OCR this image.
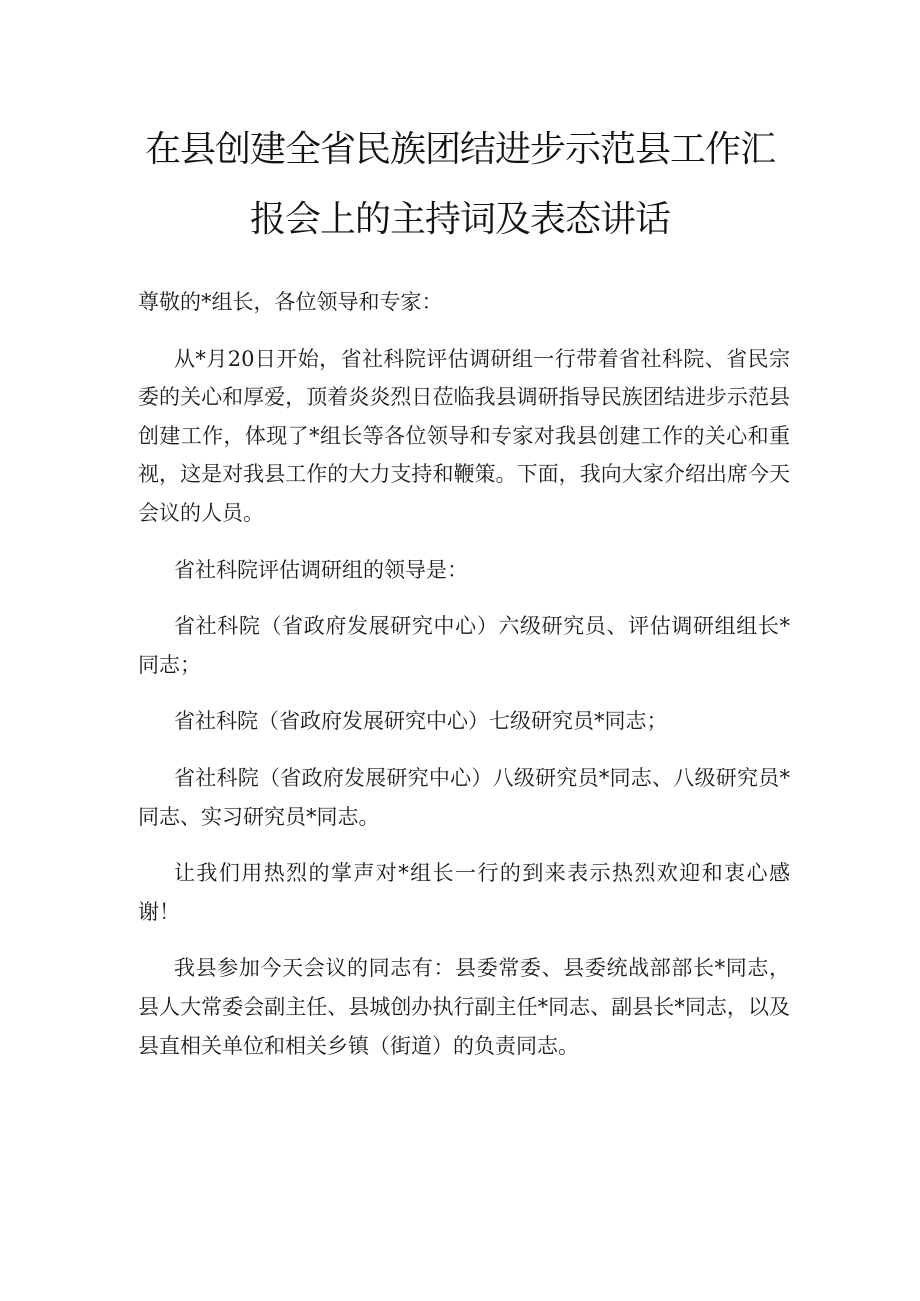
在县创建全省民族团结进步示范县工作汇
报会上的主持词及表态讲话

尊敬的*组长，各位领导和专家：

从*月20日开始，省社科院评估调研组一行带着省社科院、省民宗委的关心和厚爱，顶着炎炎烈日莅临我县调研指导民族团结进步示范县创建工作，体现了*组长等各位领导和专家对我县创建工作的关心和重视，这是对我县工作的大力支持和鞭策。下面，我向大家介绍出席今天会议的人员。

省社科院评估调研组的领导是：

省社科院（省政府发展研究中心）六级研究员、评估调研组组长*同志；

省社科院（省政府发展研究中心）七级研究员*同志；

省社科院（省政府发展研究中心）八级研究员*同志、八级研究员*同志、实习研究员*同志。

让我们用热烈的掌声对*组长一行的到来表示热烈欢迎和衷心感谢！

我县参加今天会议的同志有：县委常委、县委统战部部长*同志，县人大常委会副主任、县城创办执行副主任*同志、副县长*同志，以及县直相关单位和相关乡镇（街道）的负责同志。
